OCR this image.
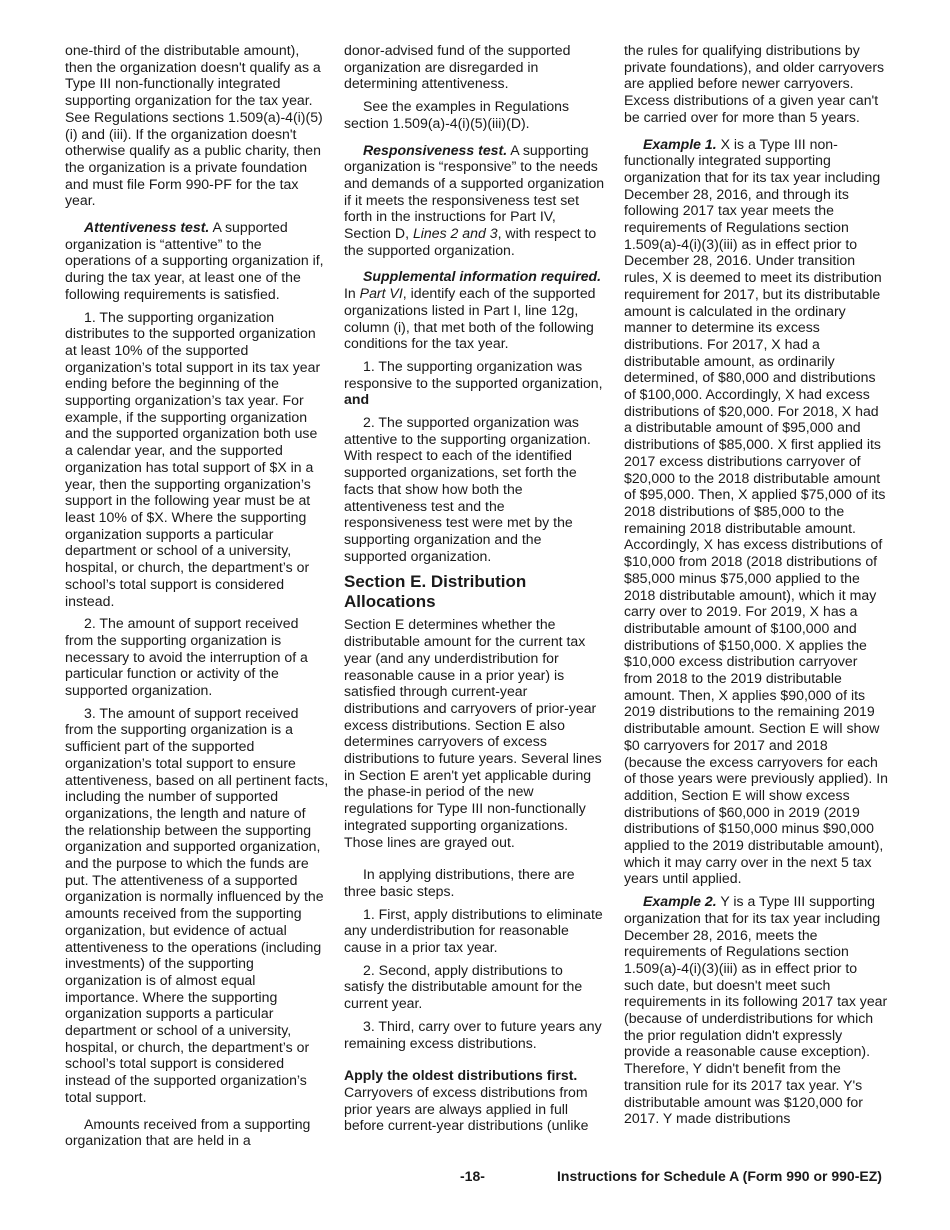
one-third of the distributable amount), then the organization doesn't qualify as a Type III non-functionally integrated supporting organization for the tax year. See Regulations sections 1.509(a)-4(i)(5)(i) and (iii). If the organization doesn't otherwise qualify as a public charity, then the organization is a private foundation and must file Form 990-PF for the tax year.

Attentiveness test. A supported organization is “attentive” to the operations of a supporting organization if, during the tax year, at least one of the following requirements is satisfied.

1. The supporting organization distributes to the supported organization at least 10% of the supported organization’s total support in its tax year ending before the beginning of the supporting organization’s tax year. For example, if the supporting organization and the supported organization both use a calendar year, and the supported organization has total support of $X in a year, then the supporting organization’s support in the following year must be at least 10% of $X. Where the supporting organization supports a particular department or school of a university, hospital, or church, the department’s or school’s total support is considered instead.

2. The amount of support received from the supporting organization is necessary to avoid the interruption of a particular function or activity of the supported organization.

3. The amount of support received from the supporting organization is a sufficient part of the supported organization’s total support to ensure attentiveness, based on all pertinent facts, including the number of supported organizations, the length and nature of the relationship between the supporting organization and supported organization, and the purpose to which the funds are put. The attentiveness of a supported organization is normally influenced by the amounts received from the supporting organization, but evidence of actual attentiveness to the operations (including investments) of the supporting organization is of almost equal importance. Where the supporting organization supports a particular department or school of a university, hospital, or church, the department’s or school’s total support is considered instead of the supported organization’s total support.

Amounts received from a supporting organization that are held in a

donor-advised fund of the supported organization are disregarded in determining attentiveness.

See the examples in Regulations section 1.509(a)-4(i)(5)(iii)(D).

Responsiveness test. A supporting organization is “responsive” to the needs and demands of a supported organization if it meets the responsiveness test set forth in the instructions for Part IV, Section D, Lines 2 and 3, with respect to the supported organization.

Supplemental information required. In Part VI, identify each of the supported organizations listed in Part I, line 12g, column (i), that met both of the following conditions for the tax year.

1. The supporting organization was responsive to the supported organization, and

2. The supported organization was attentive to the supporting organization. With respect to each of the identified supported organizations, set forth the facts that show how both the attentiveness test and the responsiveness test were met by the supporting organization and the supported organization.

Section E. Distribution Allocations

Section E determines whether the distributable amount for the current tax year (and any underdistribution for reasonable cause in a prior year) is satisfied through current-year distributions and carryovers of prior-year excess distributions. Section E also determines carryovers of excess distributions to future years. Several lines in Section E aren't yet applicable during the phase-in period of the new regulations for Type III non-functionally integrated supporting organizations. Those lines are grayed out.

In applying distributions, there are three basic steps.

1. First, apply distributions to eliminate any underdistribution for reasonable cause in a prior tax year.

2. Second, apply distributions to satisfy the distributable amount for the current year.

3. Third, carry over to future years any remaining excess distributions.

Apply the oldest distributions first.
Carryovers of excess distributions from prior years are always applied in full before current-year distributions (unlike

the rules for qualifying distributions by private foundations), and older carryovers are applied before newer carryovers. Excess distributions of a given year can't be carried over for more than 5 years.

Example 1. X is a Type III non-functionally integrated supporting organization that for its tax year including December 28, 2016, and through its following 2017 tax year meets the requirements of Regulations section 1.509(a)-4(i)(3)(iii) as in effect prior to December 28, 2016. Under transition rules, X is deemed to meet its distribution requirement for 2017, but its distributable amount is calculated in the ordinary manner to determine its excess distributions. For 2017, X had a distributable amount, as ordinarily determined, of $80,000 and distributions of $100,000. Accordingly, X had excess distributions of $20,000. For 2018, X had a distributable amount of $95,000 and distributions of $85,000. X first applied its 2017 excess distributions carryover of $20,000 to the 2018 distributable amount of $95,000. Then, X applied $75,000 of its 2018 distributions of $85,000 to the remaining 2018 distributable amount. Accordingly, X has excess distributions of $10,000 from 2018 (2018 distributions of $85,000 minus $75,000 applied to the 2018 distributable amount), which it may carry over to 2019. For 2019, X has a distributable amount of $100,000 and distributions of $150,000. X applies the $10,000 excess distribution carryover from 2018 to the 2019 distributable amount. Then, X applies $90,000 of its 2019 distributions to the remaining 2019 distributable amount. Section E will show $0 carryovers for 2017 and 2018 (because the excess carryovers for each of those years were previously applied). In addition, Section E will show excess distributions of $60,000 in 2019 (2019 distributions of $150,000 minus $90,000 applied to the 2019 distributable amount), which it may carry over in the next 5 tax years until applied.

Example 2. Y is a Type III supporting organization that for its tax year including December 28, 2016, meets the requirements of Regulations section 1.509(a)-4(i)(3)(iii) as in effect prior to such date, but doesn't meet such requirements in its following 2017 tax year (because of underdistributions for which the prior regulation didn't expressly provide a reasonable cause exception). Therefore, Y didn't benefit from the transition rule for its 2017 tax year. Y's distributable amount was $120,000 for 2017. Y made distributions

-18-	Instructions for Schedule A (Form 990 or 990-EZ)
